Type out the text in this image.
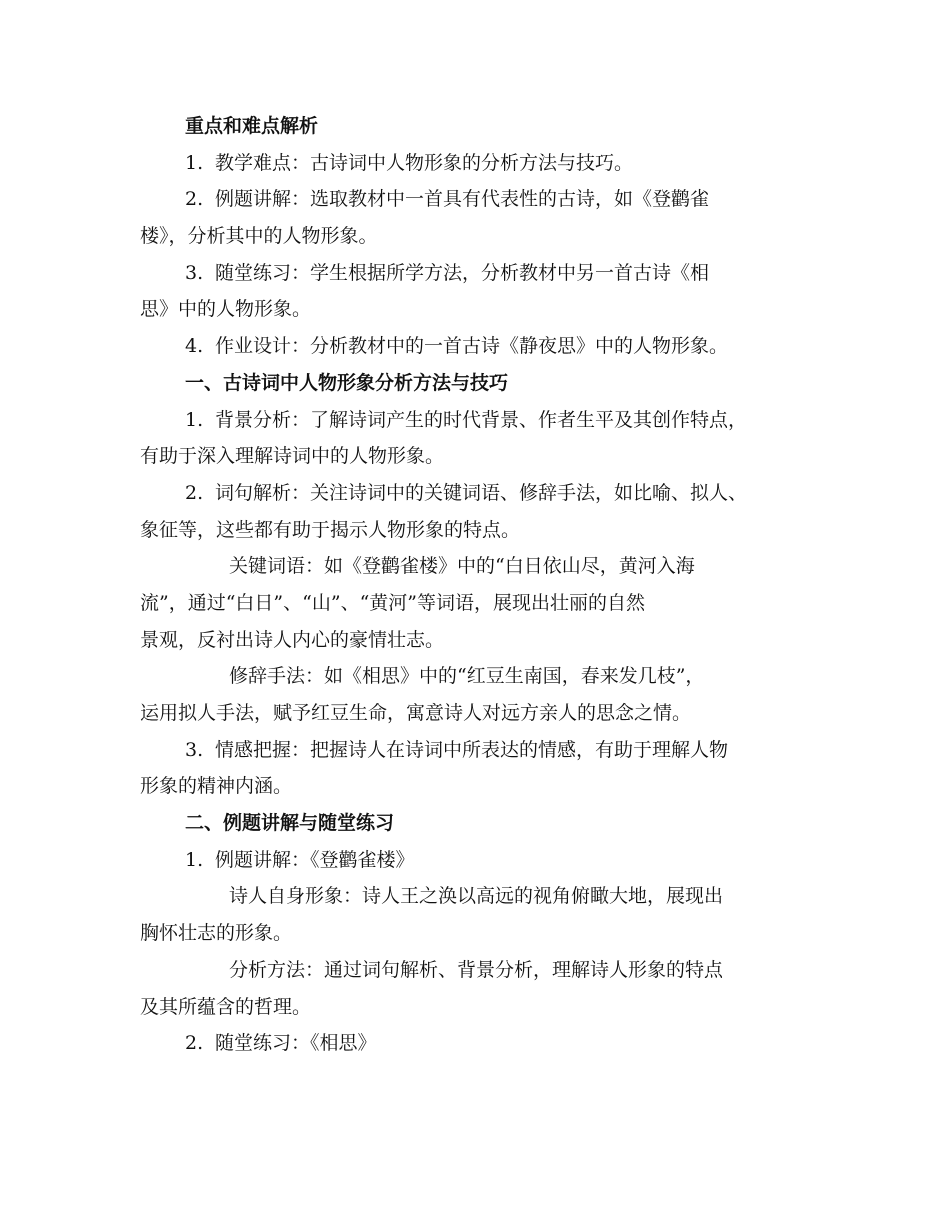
重点和难点解析
1. 教学难点：古诗词中人物形象的分析方法与技巧。
2. 例题讲解：选取教材中一首具有代表性的古诗，如《登鹳雀
楼》，分析其中的人物形象。
3. 随堂练习：学生根据所学方法，分析教材中另一首古诗《相
思》中的人物形象。
4. 作业设计：分析教材中的一首古诗《静夜思》中的人物形象。
一、古诗词中人物形象分析方法与技巧
1. 背景分析：了解诗词产生的时代背景、作者生平及其创作特点，
有助于深入理解诗词中的人物形象。
2. 词句解析：关注诗词中的关键词语、修辞手法，如比喻、拟人、
象征等，这些都有助于揭示人物形象的特点。
关键词语：如《登鹳雀楼》中的“白日依山尽，黄河入海
流”，通过“白日”、“山”、“黄河”等词语，展现出壮丽的自然
景观，反衬出诗人内心的豪情壮志。
修辞手法：如《相思》中的“红豆生南国，春来发几枝”，
运用拟人手法，赋予红豆生命，寓意诗人对远方亲人的思念之情。
3. 情感把握：把握诗人在诗词中所表达的情感，有助于理解人物
形象的精神内涵。
二、例题讲解与随堂练习
1. 例题讲解：《登鹳雀楼》
诗人自身形象：诗人王之涣以高远的视角俯瞰大地，展现出
胸怀壮志的形象。
分析方法：通过词句解析、背景分析，理解诗人形象的特点
及其所蕴含的哲理。
2. 随堂练习：《相思》
